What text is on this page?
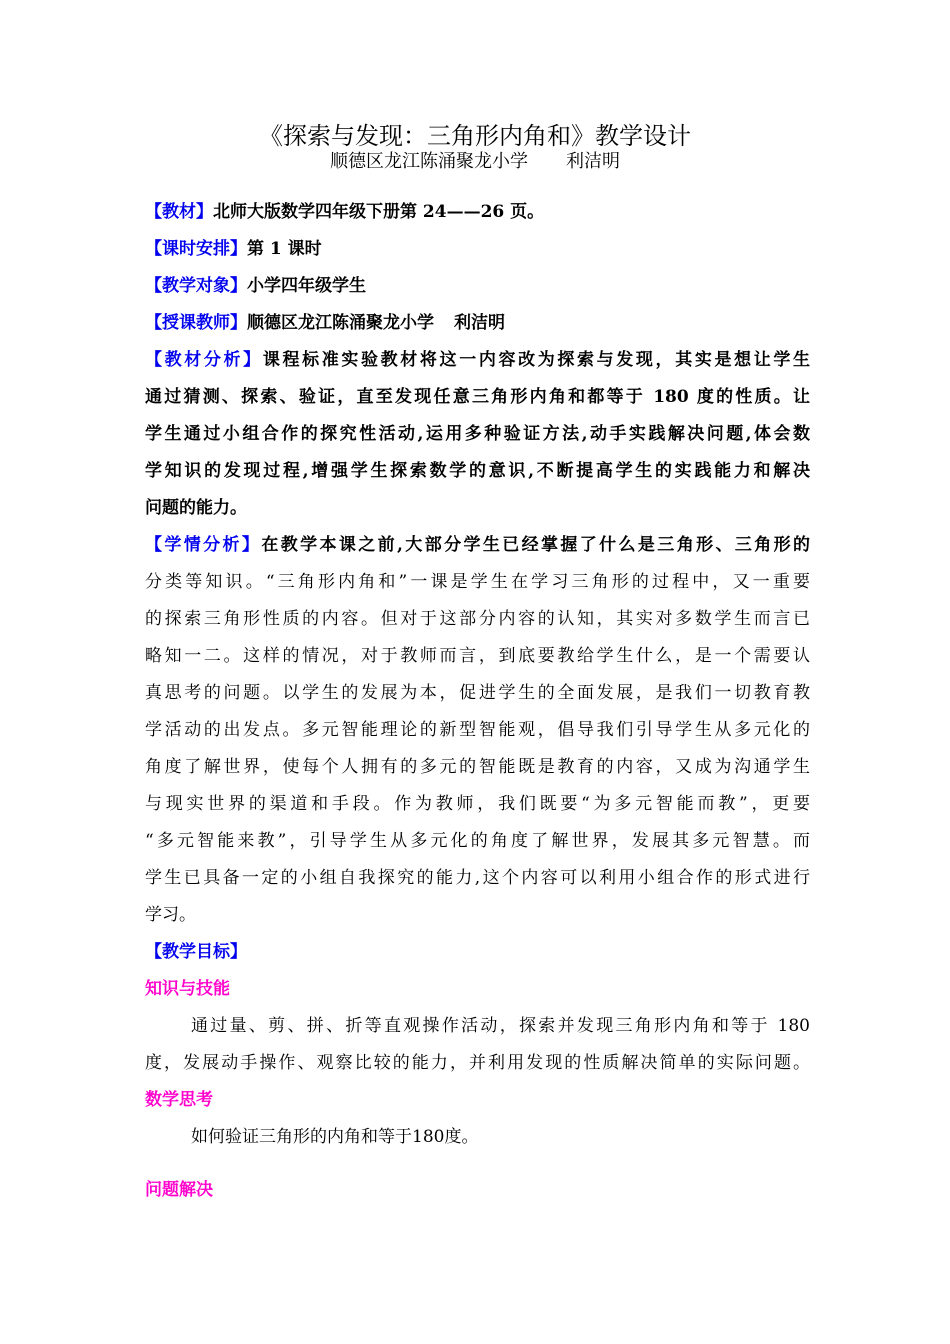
《探索与发现：三角形内角和》教学设计
顺德区龙江陈涌聚龙小学 利洁明
【教材】北师大版数学四年级下册第 24——26 页。
【课时安排】第 1 课时
【教学对象】小学四年级学生
【授课教师】顺德区龙江陈涌聚龙小学 利洁明
【教材分析】课程标准实验教材将这一内容改为探索与发现，其实是想让学生
通过猜测、探索、验证，直至发现任意三角形内角和都等于 180 度的性质。让
学生通过小组合作的探究性活动,运用多种验证方法,动手实践解决问题,体会数
学知识的发现过程,增强学生探索数学的意识,不断提高学生的实践能力和解决
问题的能力。
【学情分析】在教学本课之前,大部分学生已经掌握了什么是三角形、三角形的
分类等知识。“三角形内角和”一课是学生在学习三角形的过程中，又一重要
的探索三角形性质的内容。但对于这部分内容的认知，其实对多数学生而言已
略知一二。这样的情况，对于教师而言，到底要教给学生什么，是一个需要认
真思考的问题。以学生的发展为本，促进学生的全面发展，是我们一切教育教
学活动的出发点。多元智能理论的新型智能观，倡导我们引导学生从多元化的
角度了解世界，使每个人拥有的多元的智能既是教育的内容，又成为沟通学生
与现实世界的渠道和手段。作为教师，我们既要“为多元智能而教”，更要
“多元智能来教”，引导学生从多元化的角度了解世界，发展其多元智慧。而
学生已具备一定的小组自我探究的能力,这个内容可以利用小组合作的形式进行
学习。
【教学目标】
知识与技能
通过量、剪、拼、折等直观操作活动，探索并发现三角形内角和等于 180
度，发展动手操作、观察比较的能力，并利用发现的性质解决简单的实际问题。
数学思考
如何验证三角形的内角和等于180度。
问题解决
